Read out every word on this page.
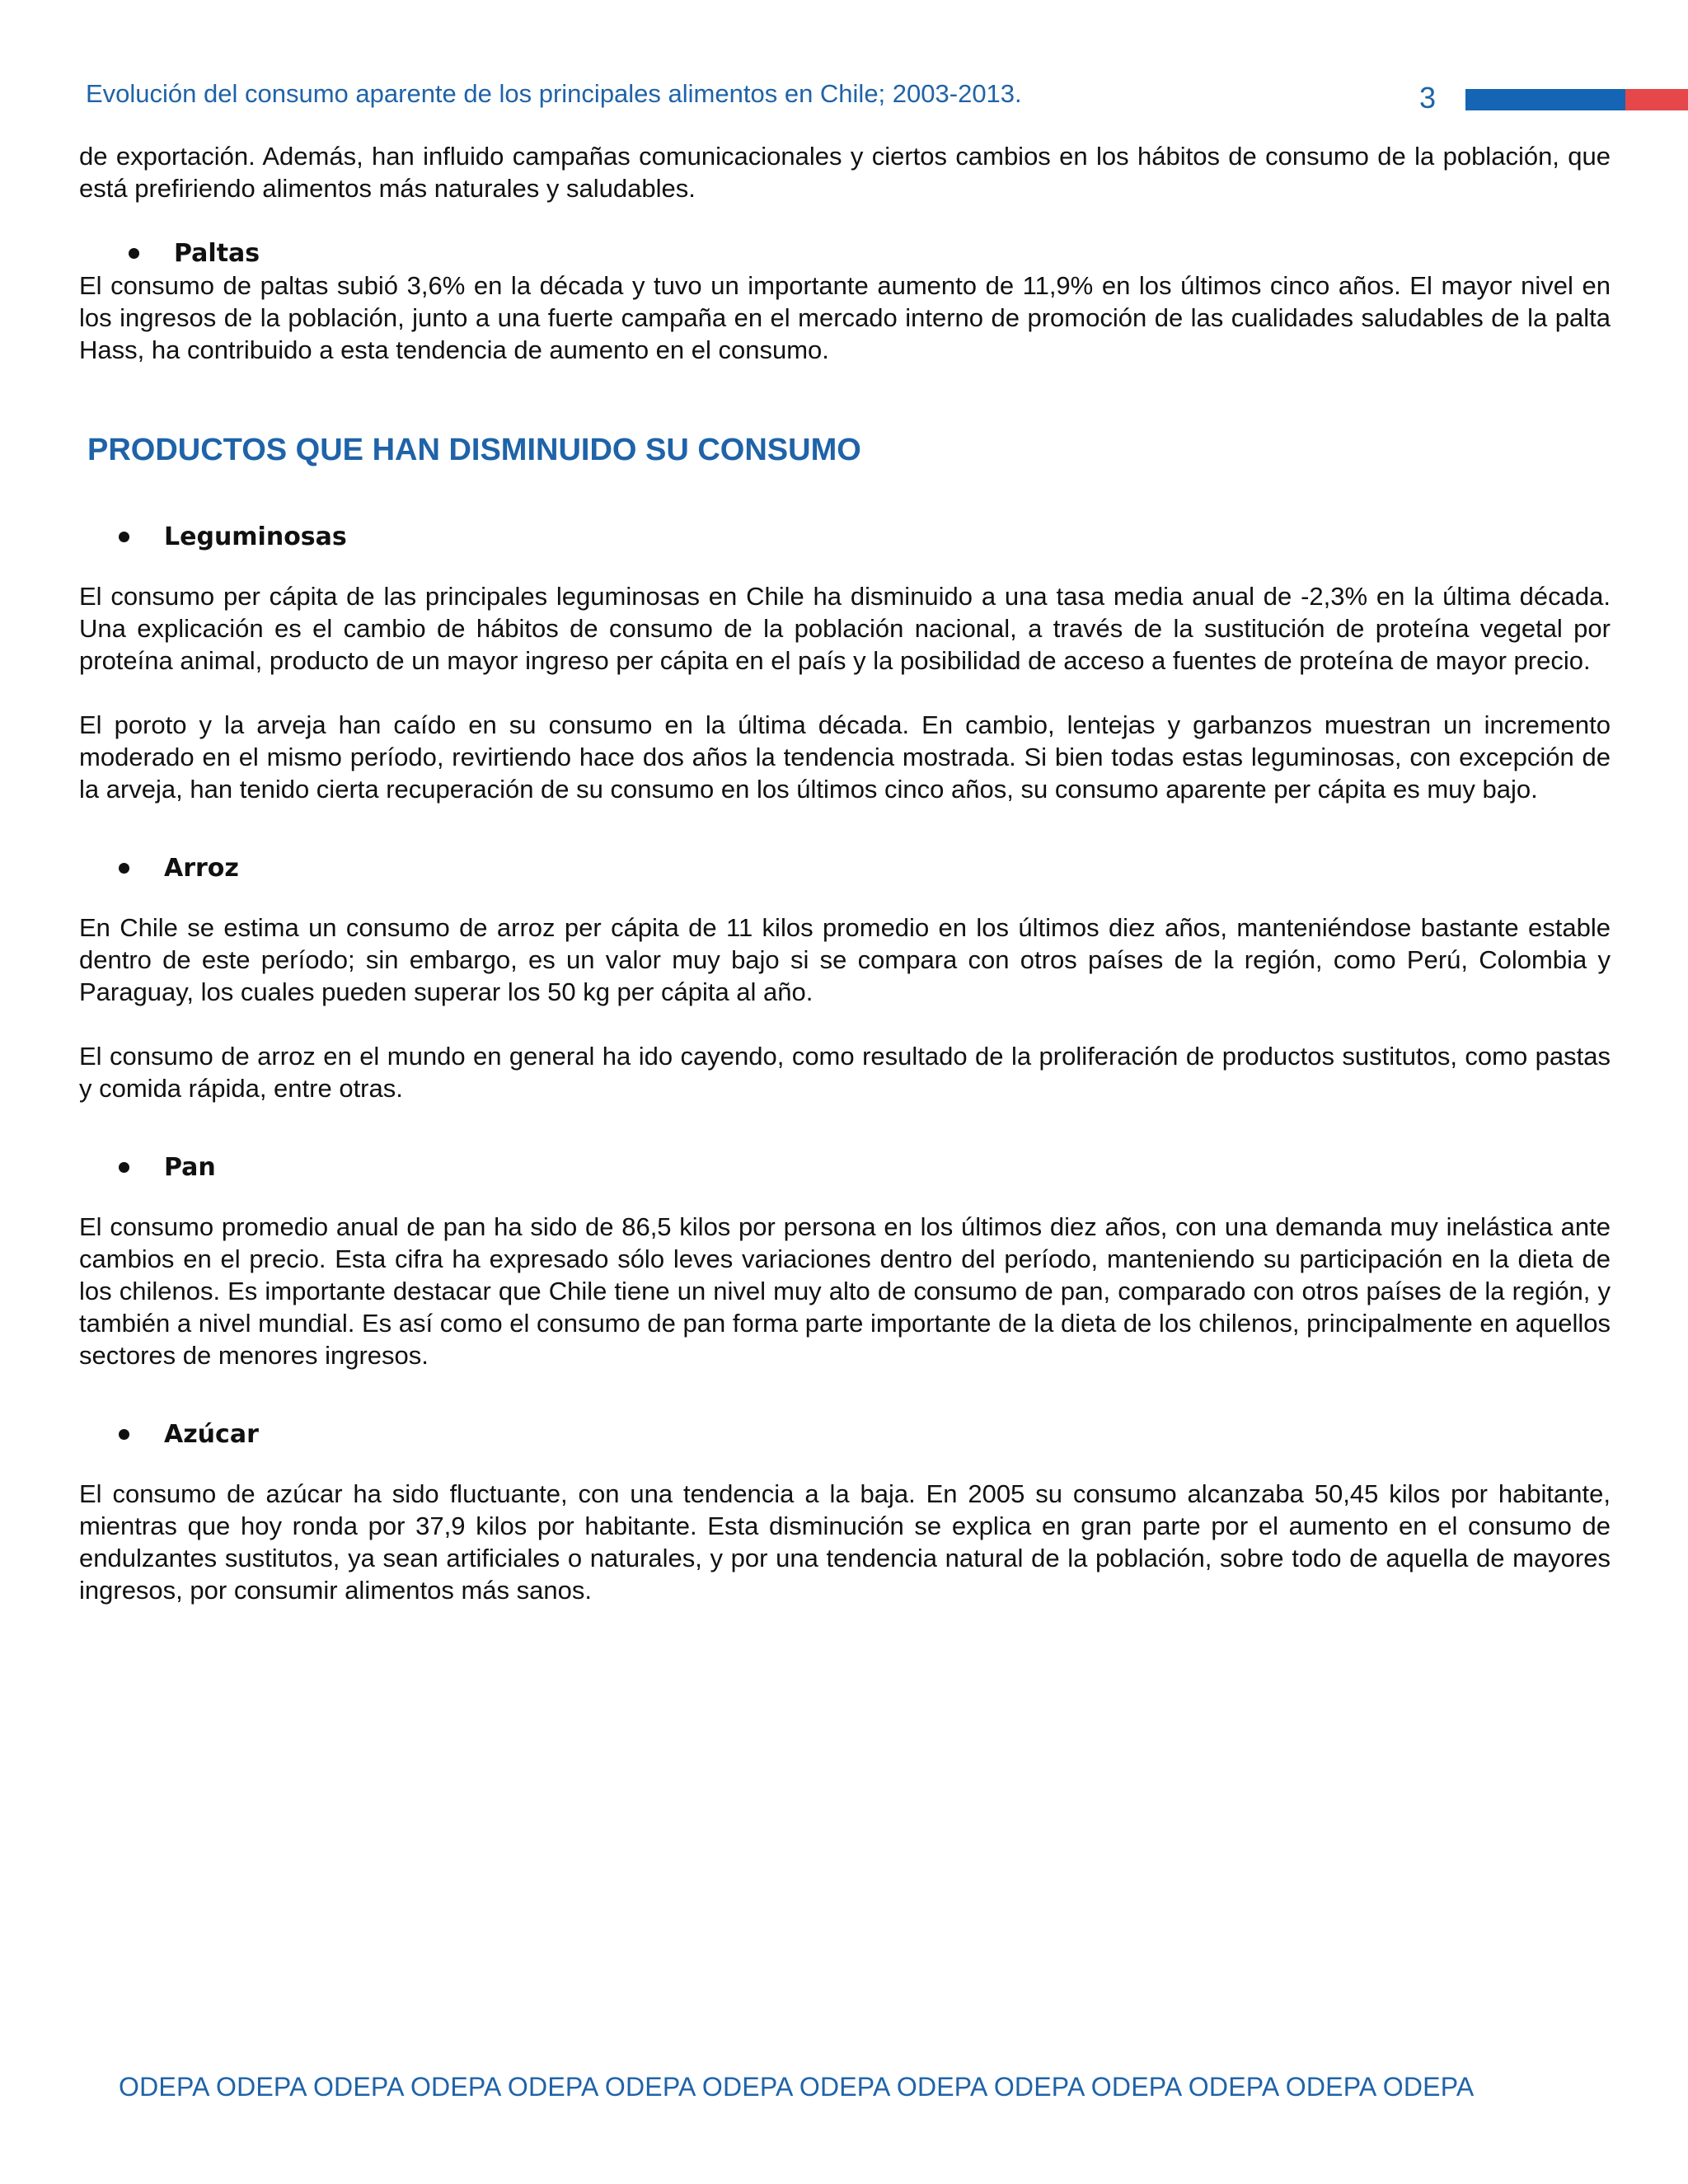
Evolución del consumo aparente de los principales alimentos en Chile; 2003-2013.	3

de exportación. Además, han influido campañas comunicacionales y ciertos cambios en los hábitos de consumo de la población, que está prefiriendo alimentos más naturales y saludables.

Paltas

El consumo de paltas subió 3,6% en la década y tuvo un importante aumento de 11,9% en los últimos cinco años. El mayor nivel en los ingresos de la población, junto a una fuerte campaña en el mercado interno de promoción de las cualidades saludables de la palta Hass, ha contribuido a esta tendencia de aumento en el consumo.

PRODUCTOS QUE HAN DISMINUIDO SU CONSUMO
Leguminosas

El consumo per cápita de las principales leguminosas en Chile ha disminuido a una tasa media anual de -2,3% en la última década. Una explicación es el cambio de hábitos de consumo de la población nacional, a través de la sustitución de proteína vegetal por proteína animal, producto de un mayor ingreso per cápita en el país y la posibilidad de acceso a fuentes de proteína de mayor precio.

El poroto y la arveja han caído en su consumo en la última década. En cambio, lentejas y garbanzos muestran un incremento moderado en el mismo período, revirtiendo hace dos años la tendencia mostrada. Si bien todas estas leguminosas, con excepción de la arveja, han tenido cierta recuperación de su consumo en los últimos cinco años, su consumo aparente per cápita es muy bajo.

Arroz

En Chile se estima un consumo de arroz per cápita de 11 kilos promedio en los últimos diez años, manteniéndose bastante estable dentro de este período; sin embargo, es un valor muy bajo si se compara con otros países de la región, como Perú, Colombia y Paraguay, los cuales pueden superar los 50 kg per cápita al año.

El consumo de arroz en el mundo en general ha ido cayendo, como resultado de la proliferación de productos sustitutos, como pastas y comida rápida, entre otras.

Pan

El consumo promedio anual de pan ha sido de 86,5 kilos por persona en los últimos diez años, con una demanda muy inelástica ante cambios en el precio. Esta cifra ha expresado sólo leves variaciones dentro del período, manteniendo su participación en la dieta de los chilenos. Es importante destacar que Chile tiene un nivel muy alto de consumo de pan, comparado con otros países de la región, y también a nivel mundial. Es así como el consumo de pan forma parte importante de la dieta de los chilenos, principalmente en aquellos sectores de menores ingresos.

Azúcar

El consumo de azúcar ha sido fluctuante, con una tendencia a la baja. En 2005 su consumo alcanzaba 50,45 kilos por habitante, mientras que hoy ronda por 37,9 kilos por habitante. Esta disminución se explica en gran parte por el aumento en el consumo de endulzantes sustitutos, ya sean artificiales o naturales, y por una tendencia natural de la población, sobre todo de aquella de mayores ingresos, por consumir alimentos más sanos.

ODEPA ODEPA ODEPA ODEPA ODEPA ODEPA ODEPA ODEPA ODEPA ODEPA ODEPA ODEPA ODEPA ODEPA
